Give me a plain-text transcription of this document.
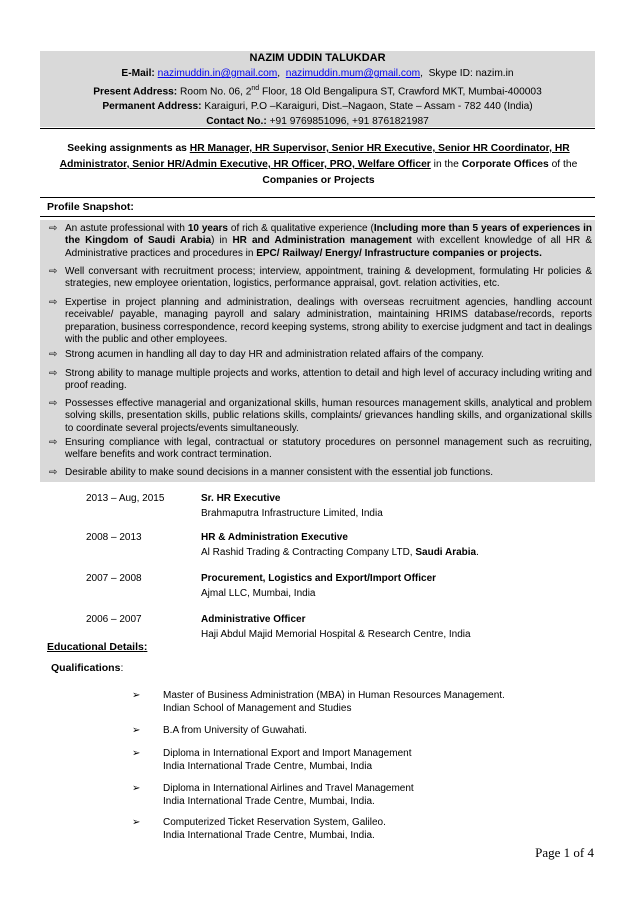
NAZIM UDDIN TALUKDAR
E-Mail: nazimuddin.in@gmail.com,  nazimuddin.mum@gmail.com,  Skype ID: nazim.in
Present Address: Room No. 06, 2nd Floor, 18 Old Bengalipura ST, Crawford MKT, Mumbai-400003
Permanent Address: Karaiguri, P.O –Karaiguri, Dist.–Nagaon, State – Assam - 782 440 (India)
Contact No.: +91 9769851096, +91 8761821987
Seeking assignments as HR Manager, HR Supervisor, Senior HR Executive, Senior HR Coordinator, HR
Administrator, Senior HR/Admin Executive, HR Officer, PRO, Welfare Officer in the Corporate Offices of the
Companies or Projects
Profile Snapshot:
⇨ An astute professional with 10 years of rich & qualitative experience (Including more than 5 years of experiences in the Kingdom of Saudi Arabia) in HR and Administration management with excellent knowledge of all HR & Administrative practices and procedures in EPC/ Railway/ Energy/ Infrastructure companies or projects.
⇨ Well conversant with recruitment process; interview, appointment, training & development, formulating Hr policies & strategies, new employee orientation, logistics, performance appraisal, govt. relation activities, etc.
⇨ Expertise in project planning and administration, dealings with overseas recruitment agencies, handling account receivable/ payable, managing payroll and salary administration, maintaining HRIMS database/records, reports preparation, business correspondence, record keeping systems, strong ability to exercise judgment and tact in dealings with the public and other employees.
⇨ Strong acumen in handling all day to day HR and administration related affairs of the company.
⇨ Strong ability to manage multiple projects and works, attention to detail and high level of accuracy including writing and proof reading.
⇨ Possesses effective managerial and organizational skills, human resources management skills, analytical and problem solving skills, presentation skills, public relations skills, complaints/ grievances handling skills, and organizational skills to coordinate several projects/events simultaneously.
⇨ Ensuring compliance with legal, contractual or statutory procedures on personnel management such as recruiting, welfare benefits and work contract termination.
⇨ Desirable ability to make sound decisions in a manner consistent with the essential job functions.
2013 – Aug, 2015	Sr. HR Executive
Brahmaputra Infrastructure Limited, India
2008 – 2013	HR & Administration Executive
Al Rashid Trading & Contracting Company LTD, Saudi Arabia.
2007 – 2008	Procurement, Logistics and Export/Import Officer
Ajmal LLC, Mumbai, India
2006 – 2007	Administrative Officer
Haji Abdul Majid Memorial Hospital & Research Centre, India
Educational Details:
Qualifications:
➢ Master of Business Administration (MBA) in Human Resources Management.
Indian School of Management and Studies
➢ B.A from University of Guwahati.
➢ Diploma in International Export and Import Management
India International Trade Centre, Mumbai, India
➢ Diploma in International Airlines and Travel Management
India International Trade Centre, Mumbai, India.
➢ Computerized Ticket Reservation System, Galileo.
India International Trade Centre, Mumbai, India.
Page 1 of 4
